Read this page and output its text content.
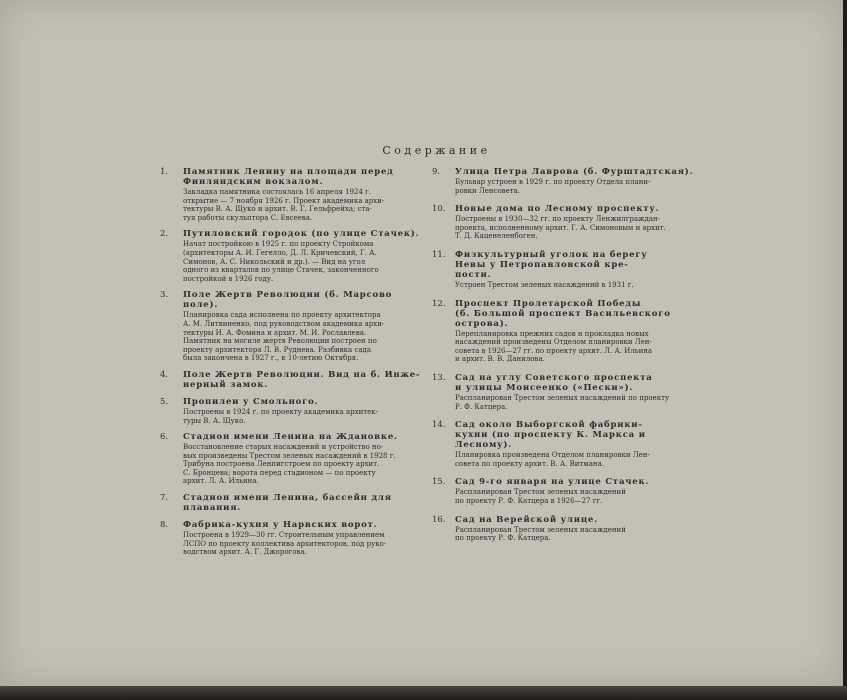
Содержание
1. Памятник Ленину на площади перед
Финляндским вокзалом.
Закладка памятника состоялась 16 апреля 1924 г.
открытие — 7 ноября 1926 г. Проект академика архи-
тектуры В. А. Щуко и архит. В. Г. Гельфрейха; ста-
туя работы скульптора С. Евсеева.
2. Путиловский городок (по улице Стачек).
Начат постройкою в 1925 г. по проекту Стройкома
(архитекторы А. И. Гегелло, Д. Л. Кричевский, Г. А.
Симонов, А. С. Никольский и др.). — Вид на угол
одного из кварталов по улице Стачек, законченного
постройкой в 1926 году.
3. Поле Жертв Революции (б. Марсово поле).
Планировка сада исполнена по проекту архитектора
А. М. Литвиненко, под руководством академика архи-
тектуры И. А. Фомина и архит. М. И. Рославлева.
Памятник на могиле жертв Революции построен по
проекту архитектора Л. В. Руднева. Разбивка сада
была закончена в 1927 г., к 10-летию Октября.
4. Поле Жертв Революции. Вид на б. Инже-
нерный замок.
5. Пропилеи у Смольного.
Построены в 1924 г. по проекту академика архитек-
туры В. А. Щуко.
6. Стадион имени Ленина на Ждановке.
Восстановление старых насаждений и устройство но-
вых произведены Трестом зеленых насаждений в 1928 г.
Трибуна построена Ленпигстроем по проекту архит.
С. Бронцева; ворота перед стадионом — по проекту
архит. Л. А. Ильина.
7. Стадион имени Ленина, бассейн для
плавания.
8. Фабрика-кухня у Нарвских ворот.
Построена в 1929—30 гг. Строительным управлением
ЛСПО по проекту коллектива архитекторов, под руко-
водством архит. А. Г. Джорогова.
9. Улица Петра Лаврова (б. Фурштадтская).
Бульвар устроен в 1929 г. по проекту Отдела плани-
ровки Ленсовета.
10. Новые дома по Лесному проспекту.
Построены в 1930—32 гг. по проекту Ленжилграждан-
проекта, исполненному архит. Г. А. Симоновым и архит.
Т. Д. Каценеленбоген.
11. Физкультурный уголок на берегу
Невы у Петропавловской кре-
пости.
Устроен Трестом зеленых насаждений в 1931 г.
12. Проспект Пролетарской Победы
(б. Большой проспект Васильевского острова).
Перепланировка прежних садов и прокладка новых
насаждений произведены Отделом планировки Лен-
совета в 1926—27 гг. по проекту архит. Л. А. Ильина
и архит. В. В. Данилова.
13. Сад на углу Советского проспекта
и улицы Моисеенко («Пески»).
Распланирован Трестом зеленых насаждений по проекту
Р. Ф. Катцера.
14. Сад около Выборгской фабрики-
кухни (по проспекту К. Маркса и Лесному).
Планировка произведена Отделом планировки Лен-
совета по проекту архит. В. А. Витмана.
15. Сад 9-го января на улице Стачек.
Распланирован Трестом зеленых насаждений
по проекту Р. Ф. Катцера в 1926—27 гг.
16. Сад на Верейской улице.
Распланирован Трестом зеленых насаждений
по проекту Р. Ф. Катцера.
